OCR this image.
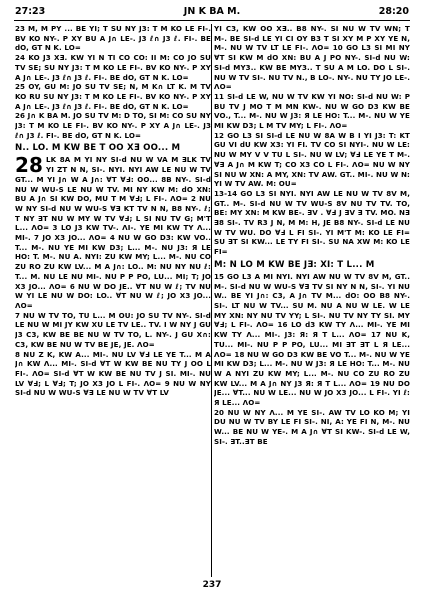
27:23	JN K BA M.	28:20

23 M, M PY ... BE YI; T SU NY J3: T M KO LE FI-. BV KO NY-. P XY BU A J∩ LE-. J3 ℓ∩ J3 ℓ. FI-. BE dO, GT N K. LO=

24 KO J3 XƎ. KW YI N TI CO CO: II M: CO JO SU TV SE; SU NY J3: T M KO LE FI-. BV KO NY-. P XY A J∩ LE-. J3 ℓ∩ J3 ℓ. FI-. BE dO, GT N K. LO=

25 OY, GU M: JO SU TV SE; N, M K∩ LT K. M TV KO RU SU NY J3: T M KO LE FI-. BV KO NY-. P XY A J∩ LE-. J3 ℓ∩ J3 ℓ. FI-. BE dO, GT N K. LO=

26 J∩ K BA M. JO SU TV M: D TO, SI M: CO SU NY J3: T M KO LE FI-. BV KO NY-. P XY A J∩ LE-. J3 ℓ∩ J3 ℓ. FI-. BE dO, GT N K. LO=

N.. LO. M KW BE T OO XƎ OO... M

28 LK 8A M YI NY SI-d NU W VA M ƎLK TV YI ZT N N, SI-. NYI. NYI AW LE NU W TV GT... M YI J∩ W A J∩: ∀T ∀Ⅎ: OO... 8B NY-. SI-d NU W WU-S LE NU W TV. MI NY KW M: dO XN: BU A J∩ SI KW DO, MU T M ∀Ⅎ; L FI-. ΛO= 2 NU W NY SI-d NU W WU-S ∀∃ KT TV N N, B8 NY-. ℓ; T NY ∃T NU W MY W TV ∀Ⅎ; L SI NU TV G; M'T L... ΛO= 3 LO J3 KW TV-. ΛI-. YE MI KW TY Λ... MI-. 7 JO X3 JO... ΛO= 4 NU W GO D3: KW VO.. T... M-. NU YE MI KW D3; L... M-. NU J3: Я LE HO: T. M-. NU A. NYI: ZU KW MY; L... M-. NU CO ZU RO ZU KW LV... M A J∩: LO.. M: NU NY NU ℓ: T... M. NU LE NU MI-. NU P P PO, LU... MI; T; JO X3 JO... ΛO= 6 NU W DO JE.. ∀T NU W ℓ; TV NU W YI LE NU W DO: LO.. ∀T NU W ℓ; JO X3 JO... ΛO=

7 NU W TV TO, TU L... M OU: JO SU TV NY-. SI-d LE NU W MI JY KW XU LE TV LE.. TV. I W NY J GU J3 C3, KW BE BE NU W TV TO, L. NY-. J GU X∩: C3, KW BE NU W TV BE JE, JE. ΛO=

8 NU Z K, KW A... MI-. NU LV ∀Ⅎ LE YE T... M A J∩ KW Λ... MI-. SI-d ∀T W KW BE NU TY J OO L FI-. ΛO= SI-d ∀T W KW BE NU TV J SI. MI-. NU LV ∀Ⅎ; L ∀Ⅎ; T; JO X3 JO L FI-. ΛO= 9 NU W NY SI-d NU W WU-S ∀∃ LE NU W TV ∀T LV

YI C3, KW OO XƎ.. B8 NY-. SI NU W TV WN; T M-. BE SI-d LE YI CI OY B3 T SI XY M P XY YE N, M-. NU W TV LT LE FI-. ΛO= 10 GO L3 SI MI NY ∀T SI KW M dO XN: BU A J PO NY-. SI-d NU W: SI-d MY3.. KW BE MY3.. T SU A M LO. DO L SI-. NU W TV SI-. NU TV N., B LO-. NY-. NU TY JO LE-. ΛO=

11 SI-d LE W, NU W TV KW YI NO: SI-d NU W: P BU TV J MO T M MN KW-. NU W GO D3 KW BE VO., T... M-. NU W J3: Я LE HO: T... M-. NU W YE MI KW D3; L M TV MY; L FI-. ΛO=

12 GO L3 SI SI-d LE NU W 8A W B I YI J3: T: KT GU VI dU KW X3: YI FI. TV CO SI NYI-. NU W LE: NU W MY V V TU L SI-. NU W LV; ∀Ⅎ LE YE T M-. ∀∃ A J∩ M KW T; CO X3 CO L FI-. ΛO= NU W NY SI NU W XN: A MY, XN: TV AW. GT.. MI-. NU W N: YI W TV AW. M: OU=

13-14 GO L3 SI NYI. NYI AW LE NU W TV 8V M, GT.. M-. SI-d NU W TV WU-S 8V NU TV TV. TO, BE: MY XN: M KW BE-. ∃V . ∀Ⅎ J ∃V ∃ TV. MO. NƎ ∃8 SI-. TV R3 J N, M M: H, JE B8 NY-. SI-d LE NU W TV WU. DO ∀Ⅎ L FI SI-. YI M'T M: KO LE FI= SU ∃T SI KW... LE TY FI SI-. SU NA XW M: KO LE FI=

M: N LO M KW BE JƎ: XI: T L... M

15 GO L3 A MI NYI. NYI AW NU W TV 8V M, GT.. M-. SI-d NU W WU-S ∀∃ TV SI NY N N, SI-. YI NU W.. BE YI J∩: C3, A J∩ TV M... dO: OO B8 NY-. SI-. LT NU W TV... SU M. NU A NU W LE. W LE MY XN: NY NU TV YY; L SI-. NU TV NY TY SI. MY ∀Ⅎ; L FI-. ΛO= 16 LO d3 KW TY Λ... MI-. YE MI KW TY Λ... MI-. J3: Я: Я T L... ΛO= 17 NU K, TU... MI-. NU P P PO, LU... MI ∃T ∃T L Я LE... ΛO= 18 NU W GO D3 KW BE VO T... M-. NU W YE MI KW D3; L... M-. NU W J3: Я LE HO: T... M-. NU W A NYI ZU KW MY; L... M-. NU CO ZU RO ZU KW LV... M A J∩ NY J3 Я: Я T L... ΛO= 19 NU DO JE... ∀T... NU W LE... NU W JO X3 JO... L FI-. YI ℓ: Я LE... ΛO=

20 NU W NY Λ... M YE SI-. AW TV LO KO M; YI DU NU W TV BY LE FI SI-. NI, A: YE FI N, M-. NU W... BE NU W YE-. M A J∩ ∀T SI KW-. SI-d LE W, SI-. ∃T..∃T BE

237
